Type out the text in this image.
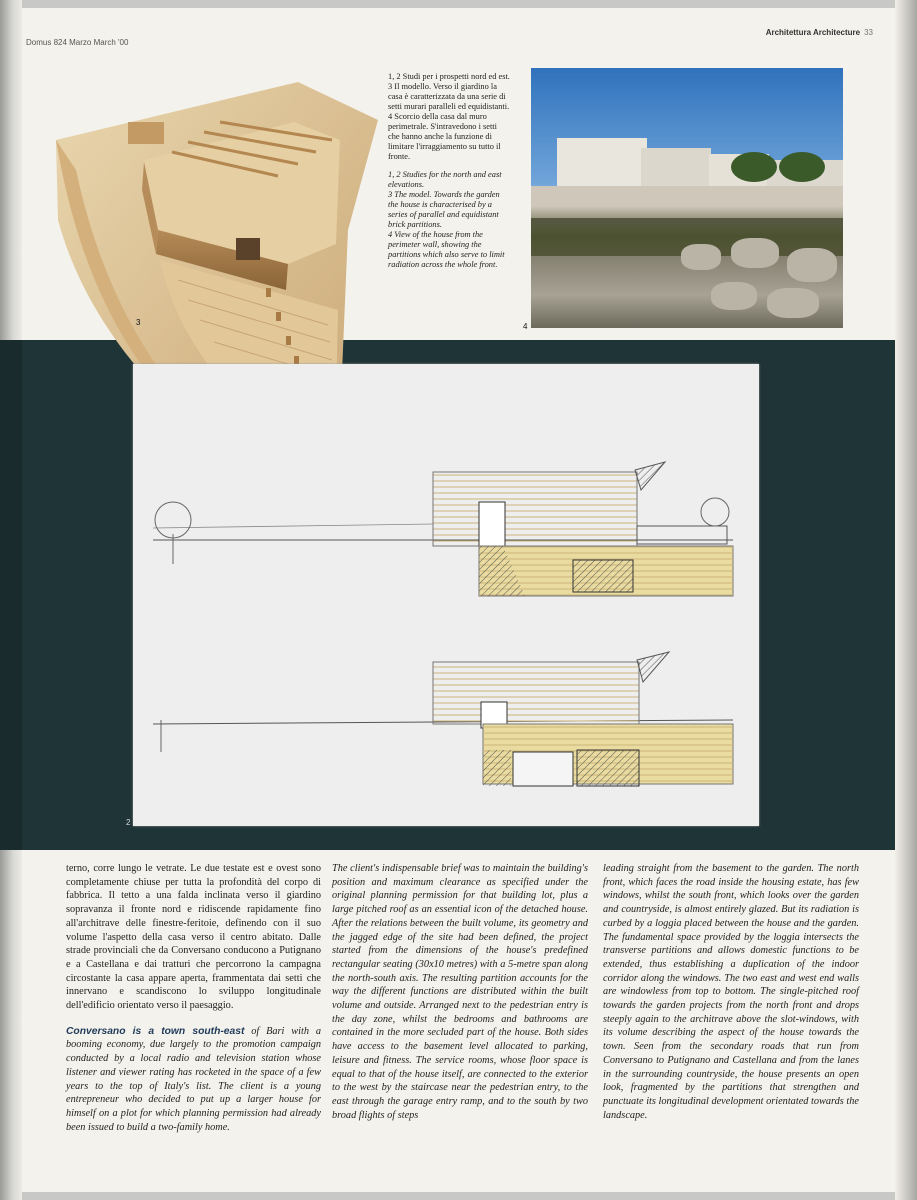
Domus 824 Marzo March '00
Architettura Architecture 33
3

1, 2 Studi per i prospetti nord ed est.

3 Il modello. Verso il giardino la casa è caratterizzata da una serie di setti murari paralleli ed equidistanti.

4 Scorcio della casa dal muro perimetrale. S'intravedono i setti che hanno anche la funzione di limitare l'irraggiamento su tutto il fronte.

1, 2 Studies for the north and east elevations.

3 The model. Towards the garden the house is characterised by a series of parallel and equidistant brick partitions.

4 View of the house from the perimeter wall, showing the partitions which also serve to limit radiation across the whole front.

4
2

terno, corre lungo le vetrate. Le due testate est e ovest sono completamente chiuse per tutta la profondità del corpo di fabbrica. Il tetto a una falda inclinata verso il giardino sopravanza il fronte nord e ridiscende rapidamente fino all'architrave delle finestre-feritoie, definendo con il suo volume l'aspetto della casa verso il centro abitato. Dalle strade provinciali che da Conversano conducono a Putignano e a Castellana e dai tratturi che percorrono la campagna circostante la casa appare aperta, frammentata dai setti che innervano e scandiscono lo sviluppo longitudinale dell'edificio orientato verso il paesaggio.

Conversano is a town south-east of Bari with a booming economy, due largely to the promotion campaign conducted by a local radio and television station whose listener and viewer rating has rocketed in the space of a few years to the top of Italy's list. The client is a young entrepreneur who decided to put up a larger house for himself on a plot for which planning permission had already been issued to build a two-family home.

The client's indispensable brief was to maintain the building's position and maximum clearance as specified under the original planning permission for that building lot, plus a large pitched roof as an essential icon of the detached house. After the relations between the built volume, its geometry and the jagged edge of the site had been defined, the project started from the dimensions of the house's predefined rectangular seating (30x10 metres) with a 5-metre span along the north-south axis. The resulting partition accounts for the way the different functions are distributed within the built volume and outside. Arranged next to the pedestrian entry is the day zone, whilst the bedrooms and bathrooms are contained in the more secluded part of the house. Both sides have access to the basement level allocated to parking, leisure and fitness. The service rooms, whose floor space is equal to that of the house itself, are connected to the exterior to the west by the staircase near the pedestrian entry, to the east through the garage entry ramp, and to the south by two broad flights of steps

leading straight from the basement to the garden. The north front, which faces the road inside the housing estate, has few windows, whilst the south front, which looks over the garden and countryside, is almost entirely glazed. But its radiation is curbed by a loggia placed between the house and the garden. The fundamental space provided by the loggia intersects the transverse partitions and allows domestic functions to be extended, thus establishing a duplication of the indoor corridor along the windows. The two east and west end walls are windowless from top to bottom. The single-pitched roof towards the garden projects from the north front and drops steeply again to the architrave above the slot-windows, with its volume describing the aspect of the house towards the town. Seen from the secondary roads that run from Conversano to Putignano and Castellana and from the lanes in the surrounding countryside, the house presents an open look, fragmented by the partitions that strengthen and punctuate its longitudinal development orientated towards the landscape.
